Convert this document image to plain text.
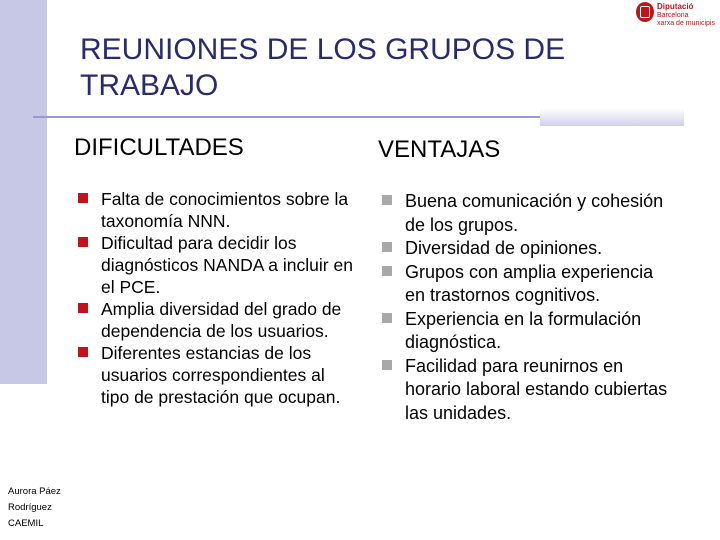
Diputació
Barcelona
xarxa de municipis
REUNIONES DE LOS GRUPOS DE TRABAJO
DIFICULTADES
Falta de conocimientos sobre la taxonomía NNN.
Dificultad para decidir los diagnósticos NANDA a incluir en el PCE.
Amplia diversidad del grado de dependencia de los usuarios.
Diferentes estancias de los usuarios correspondientes al tipo de prestación que ocupan.
VENTAJAS
Buena comunicación y cohesión de los grupos.
Diversidad de opiniones.
Grupos con amplia experiencia en trastornos cognitivos.
Experiencia en la formulación diagnóstica.
Facilidad para reunirnos en horario laboral estando cubiertas las unidades.
Aurora Páez
Rodríguez
CAEMIL
